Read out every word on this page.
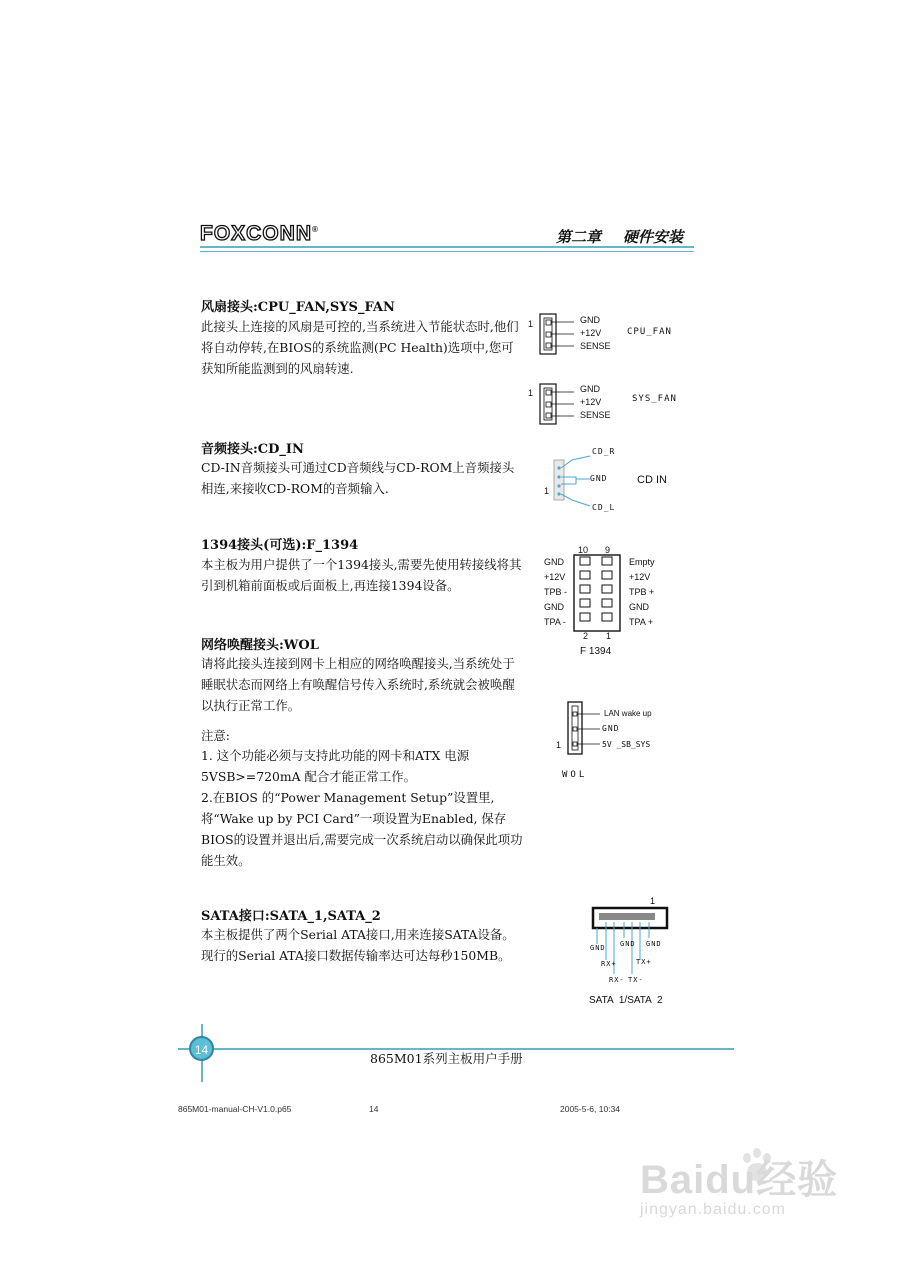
FOXCONN®	第二章 硬件安装
风扇接头:CPU_FAN,SYS_FAN
此接头上连接的风扇是可控的,当系统进入节能状态时,他们将自动停转,在BIOS的系统监测(PC Health)选项中,您可获知所能监测到的风扇转速.
1	GND
+12V
SENSE
CPU_FAN
1	GND
+12V
SENSE
SYS_FAN
音频接头:CD_IN
CD-IN音频接头可通过CD音频线与CD-ROM上音频接头相连,来接收CD-ROM的音频输入.
CD_R
GND
CD_L
1
CD IN
1394接头(可选):F_1394
本主板为用户提供了一个1394接头,需要先使用转接线将其引到机箱前面板或后面板上,再连接1394设备。
10 9
GND
+12V
TPB -
GND
TPA -
Empty
+12V
TPB +
GND
TPA +
2 1
F 1394
网络唤醒接头:WOL
请将此接头连接到网卡上相应的网络唤醒接头,当系统处于睡眠状态而网络上有唤醒信号传入系统时,系统就会被唤醒以执行正常工作。
注意:
1. 这个功能必须与支持此功能的网卡和ATX 电源 5VSB>=720mA 配合才能正常工作。
2.在BIOS 的“Power Management Setup”设置里,将“Wake up by PCI Card”一项设置为Enabled, 保存BIOS的设置并退出后,需要完成一次系统启动以确保此项功能生效。
LAN wake up
GND
5V _SB_SYS
1
WOL
SATA接口:SATA_1,SATA_2
本主板提供了两个Serial ATA接口,用来连接SATA设备。现行的Serial ATA接口数据传输率达可达每秒150MB。
1
GND GND GND
RX+	TX+
RX- TX-
SATA 1/SATA 2
14
865M01系列主板用户手册
865M01-manual-CH-V1.0.p65	14	2005-5-6, 10:34
Baidu经验
jingyan.baidu.com
